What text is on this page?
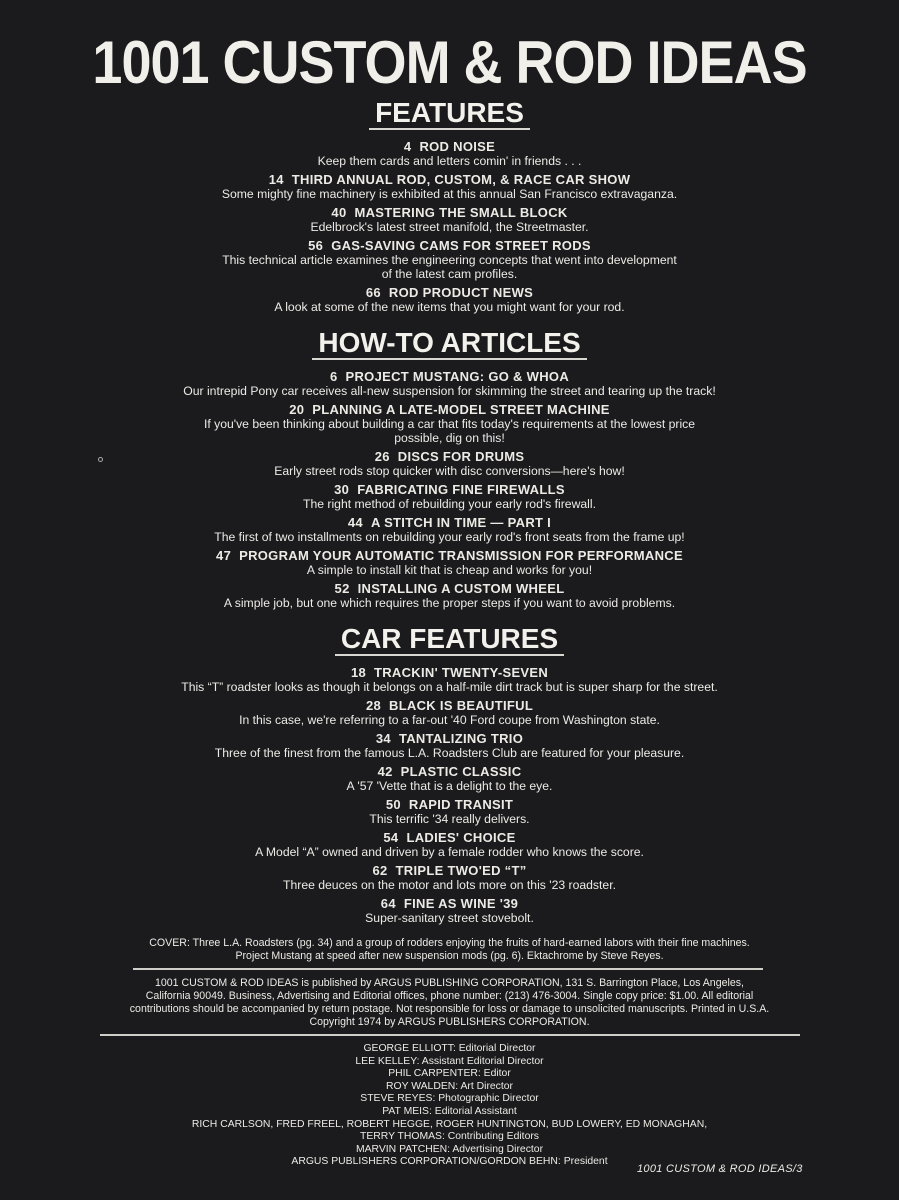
1001 CUSTOM & ROD IDEAS
FEATURES
4 ROD NOISE
Keep them cards and letters comin' in friends . . .
14 THIRD ANNUAL ROD, CUSTOM, & RACE CAR SHOW
Some mighty fine machinery is exhibited at this annual San Francisco extravaganza.
40 MASTERING THE SMALL BLOCK
Edelbrock's latest street manifold, the Streetmaster.
56 GAS-SAVING CAMS FOR STREET RODS
This technical article examines the engineering concepts that went into development
of the latest cam profiles.
66 ROD PRODUCT NEWS
A look at some of the new items that you might want for your rod.
HOW-TO ARTICLES
6 PROJECT MUSTANG: GO & WHOA
Our intrepid Pony car receives all-new suspension for skimming the street and tearing up the track!
20 PLANNING A LATE-MODEL STREET MACHINE
If you've been thinking about building a car that fits today's requirements at the lowest price
possible, dig on this!
26 DISCS FOR DRUMS
Early street rods stop quicker with disc conversions—here's how!
30 FABRICATING FINE FIREWALLS
The right method of rebuilding your early rod's firewall.
44 A STITCH IN TIME — PART I
The first of two installments on rebuilding your early rod's front seats from the frame up!
47 PROGRAM YOUR AUTOMATIC TRANSMISSION FOR PERFORMANCE
A simple to install kit that is cheap and works for you!
52 INSTALLING A CUSTOM WHEEL
A simple job, but one which requires the proper steps if you want to avoid problems.
CAR FEATURES
18 TRACKIN' TWENTY-SEVEN
This “T” roadster looks as though it belongs on a half-mile dirt track but is super sharp for the street.
28 BLACK IS BEAUTIFUL
In this case, we're referring to a far-out '40 Ford coupe from Washington state.
34 TANTALIZING TRIO
Three of the finest from the famous L.A. Roadsters Club are featured for your pleasure.
42 PLASTIC CLASSIC
A '57 'Vette that is a delight to the eye.
50 RAPID TRANSIT
This terrific '34 really delivers.
54 LADIES' CHOICE
A Model “A” owned and driven by a female rodder who knows the score.
62 TRIPLE TWO'ED “T”
Three deuces on the motor and lots more on this '23 roadster.
64 FINE AS WINE '39
Super-sanitary street stovebolt.
COVER: Three L.A. Roadsters (pg. 34) and a group of rodders enjoying the fruits of hard-earned labors with their fine machines.
Project Mustang at speed after new suspension mods (pg. 6). Ektachrome by Steve Reyes.
1001 CUSTOM & ROD IDEAS is published by ARGUS PUBLISHING CORPORATION, 131 S. Barrington Place, Los Angeles,
California 90049. Business, Advertising and Editorial offices, phone number: (213) 476-3004. Single copy price: $1.00. All editorial
contributions should be accompanied by return postage. Not responsible for loss or damage to unsolicited manuscripts. Printed in U.S.A.
Copyright 1974 by ARGUS PUBLISHERS CORPORATION.
GEORGE ELLIOTT: Editorial Director
LEE KELLEY: Assistant Editorial Director
PHIL CARPENTER: Editor
ROY WALDEN: Art Director
STEVE REYES: Photographic Director
PAT MEIS: Editorial Assistant
RICH CARLSON, FRED FREEL, ROBERT HEGGE, ROGER HUNTINGTON, BUD LOWERY, ED MONAGHAN,
TERRY THOMAS: Contributing Editors
MARVIN PATCHEN: Advertising Director
ARGUS PUBLISHERS CORPORATION/GORDON BEHN: President
1001 CUSTOM & ROD IDEAS/3
